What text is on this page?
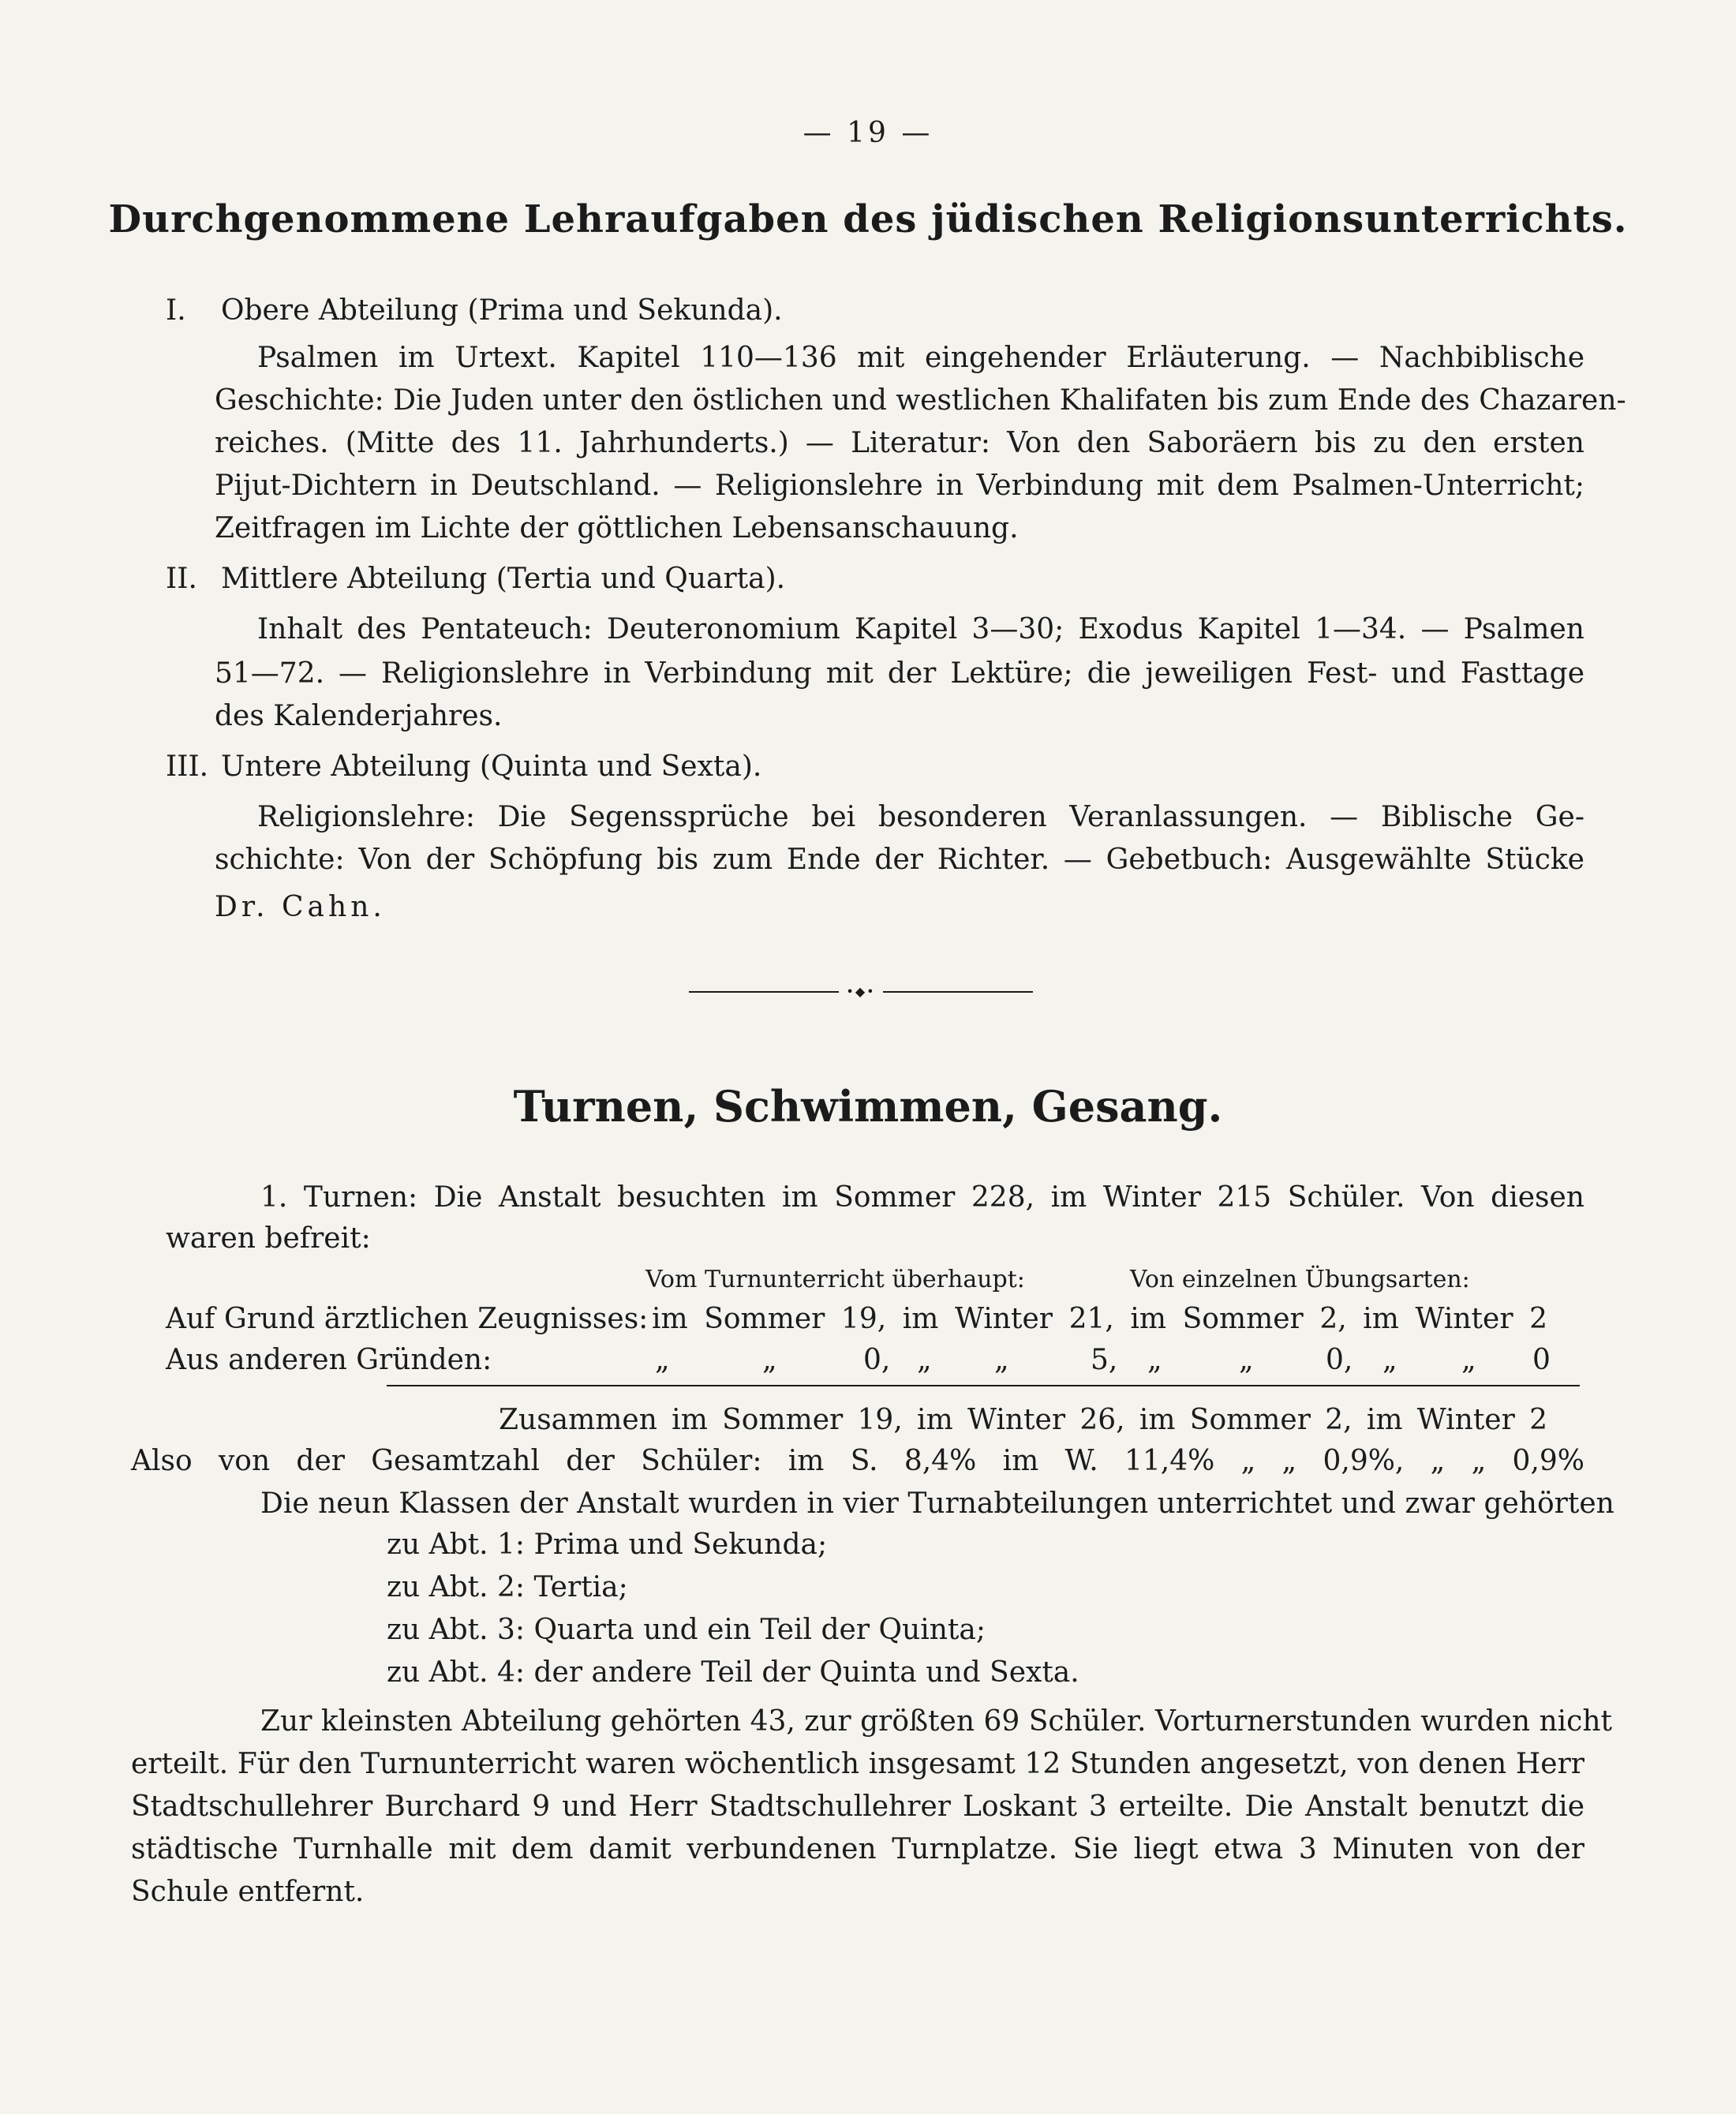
— 19 —
Durchgenommene Lehraufgaben des jüdischen Religionsunterrichts.
I. Obere Abteilung (Prima und Sekunda).
Psalmen im Urtext. Kapitel 110—136 mit eingehender Erläuterung. — Nachbiblische
Geschichte: Die Juden unter den östlichen und westlichen Khalifaten bis zum Ende des Chazaren-
reiches. (Mitte des 11. Jahrhunderts.) — Literatur: Von den Saboräern bis zu den ersten
Pijut-Dichtern in Deutschland. — Religionslehre in Verbindung mit dem Psalmen-Unterricht;
Zeitfragen im Lichte der göttlichen Lebensanschauung.
II. Mittlere Abteilung (Tertia und Quarta).
Inhalt des Pentateuch: Deuteronomium Kapitel 3—30; Exodus Kapitel 1—34. — Psalmen
51—72. — Religionslehre in Verbindung mit der Lektüre; die jeweiligen Fest- und Fasttage
des Kalenderjahres.
III. Untere Abteilung (Quinta und Sexta).
Religionslehre: Die Segenssprüche bei besonderen Veranlassungen. — Biblische Ge-
schichte: Von der Schöpfung bis zum Ende der Richter. — Gebetbuch: Ausgewählte Stücke
Dr. Cahn.
•◆•
Turnen, Schwimmen, Gesang.
1. Turnen: Die Anstalt besuchten im Sommer 228, im Winter 215 Schüler. Von diesen
waren befreit:
Vom Turnunterricht überhaupt:	Von einzelnen Übungsarten:
Auf Grund ärztlichen Zeugnisses: im Sommer 19, im Winter 21, im Sommer 2, im Winter 2
Aus anderen Gründen:	„	„	0, „ „	5, „	„	0, „ „ 0
Zusammen im Sommer 19, im Winter 26, im Sommer 2, im Winter 2
Also von der Gesamtzahl der Schüler: im S. 8,4% im W. 11,4% „ „ 0,9%, „ „ 0,9%
Die neun Klassen der Anstalt wurden in vier Turnabteilungen unterrichtet und zwar gehörten
zu Abt. 1: Prima und Sekunda;
zu Abt. 2: Tertia;
zu Abt. 3: Quarta und ein Teil der Quinta;
zu Abt. 4: der andere Teil der Quinta und Sexta.
Zur kleinsten Abteilung gehörten 43, zur größten 69 Schüler. Vorturnerstunden wurden nicht
erteilt. Für den Turnunterricht waren wöchentlich insgesamt 12 Stunden angesetzt, von denen Herr
Stadtschullehrer Burchard 9 und Herr Stadtschullehrer Loskant 3 erteilte. Die Anstalt benutzt die
städtische Turnhalle mit dem damit verbundenen Turnplatze. Sie liegt etwa 3 Minuten von der
Schule entfernt.
